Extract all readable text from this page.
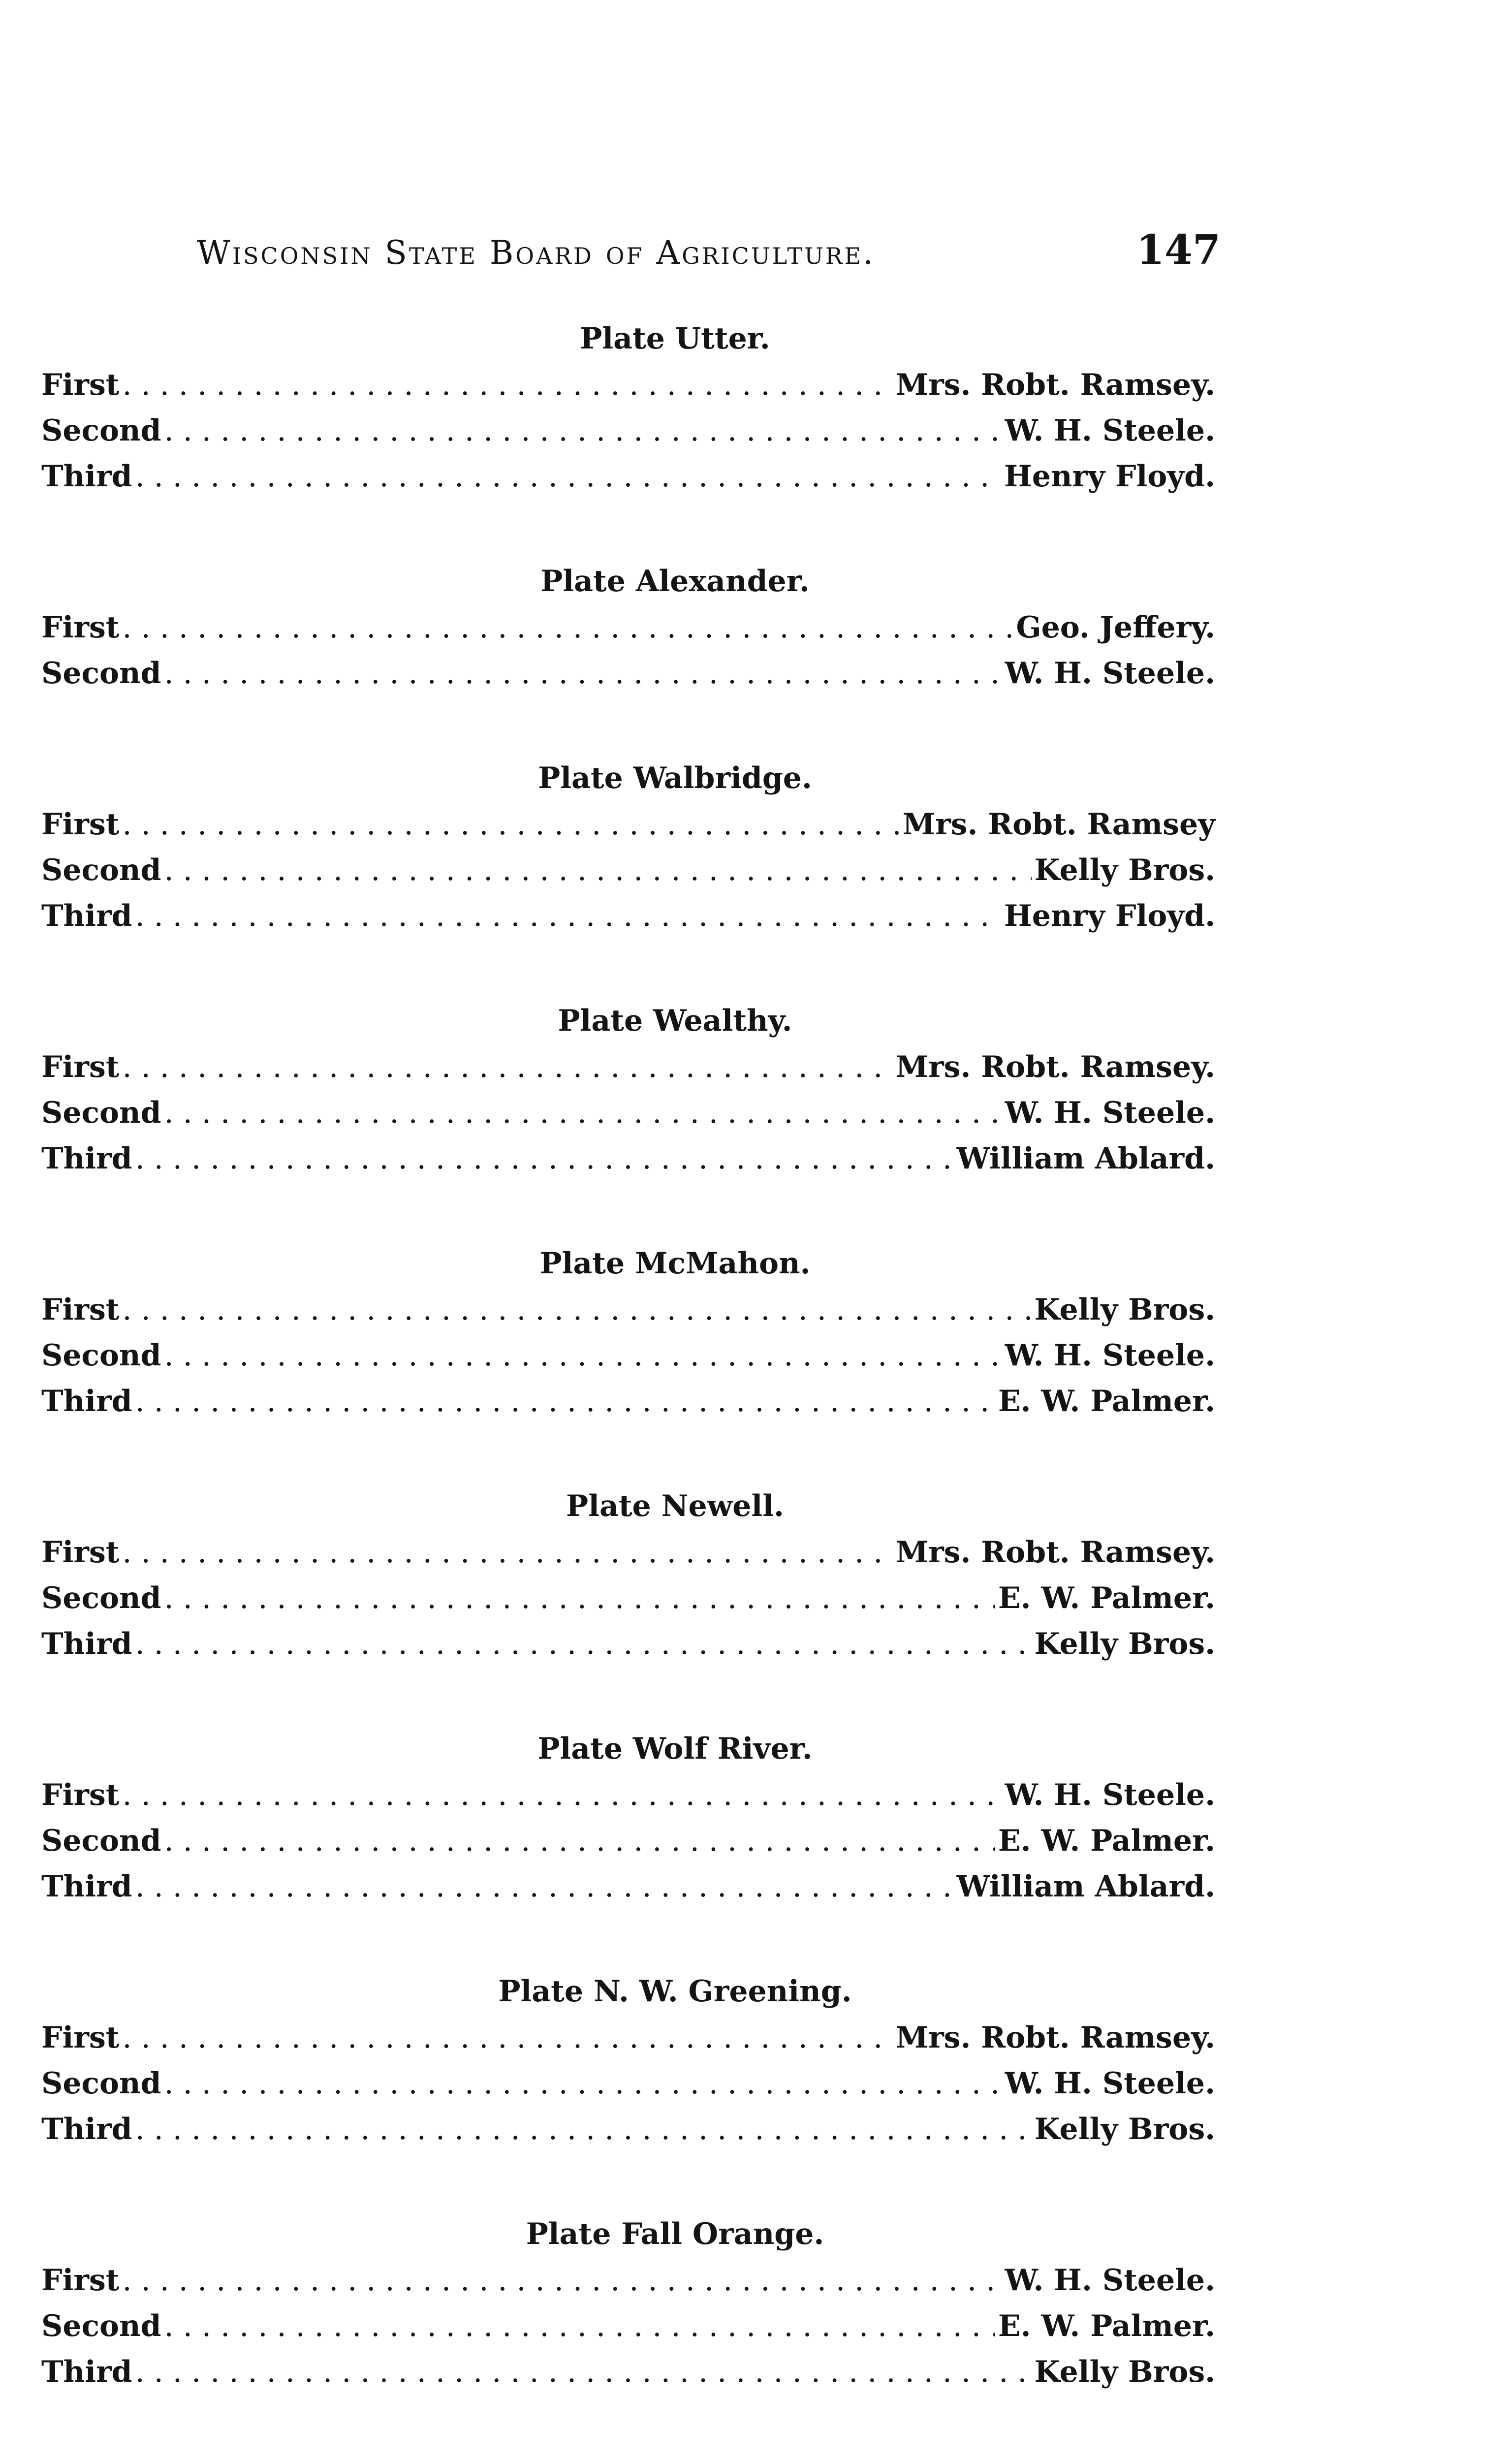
Wisconsin State Board of Agriculture.	147
Plate Utter.
First . . .	Mrs. Robt. Ramsey.
Second . . .	W. H. Steele.
Third . . .	Henry Floyd.
Plate Alexander.
First . . .	Geo. Jeffery.
Second . . .	W. H. Steele.
Plate Walbridge.
First . . .	Mrs. Robt. Ramsey
Second . . .	Kelly Bros.
Third . . .	Henry Floyd.
Plate Wealthy.
First . . .	Mrs. Robt. Ramsey.
Second . . .	W. H. Steele.
Third . . .	William Ablard.
Plate McMahon.
First . . .	Kelly Bros.
Second . . .	W. H. Steele.
Third . . .	E. W. Palmer.
Plate Newell.
First . . .	Mrs. Robt. Ramsey.
Second . . .	E. W. Palmer.
Third . . .	Kelly Bros.
Plate Wolf River.
First . . .	W. H. Steele.
Second . . .	E. W. Palmer.
Third . . .	William Ablard.
Plate N. W. Greening.
First . . .	Mrs. Robt. Ramsey.
Second . . .	W. H. Steele.
Third . . .	Kelly Bros.
Plate Fall Orange.
First . . .	W. H. Steele.
Second . . .	E. W. Palmer.
Third . . .	Kelly Bros.
